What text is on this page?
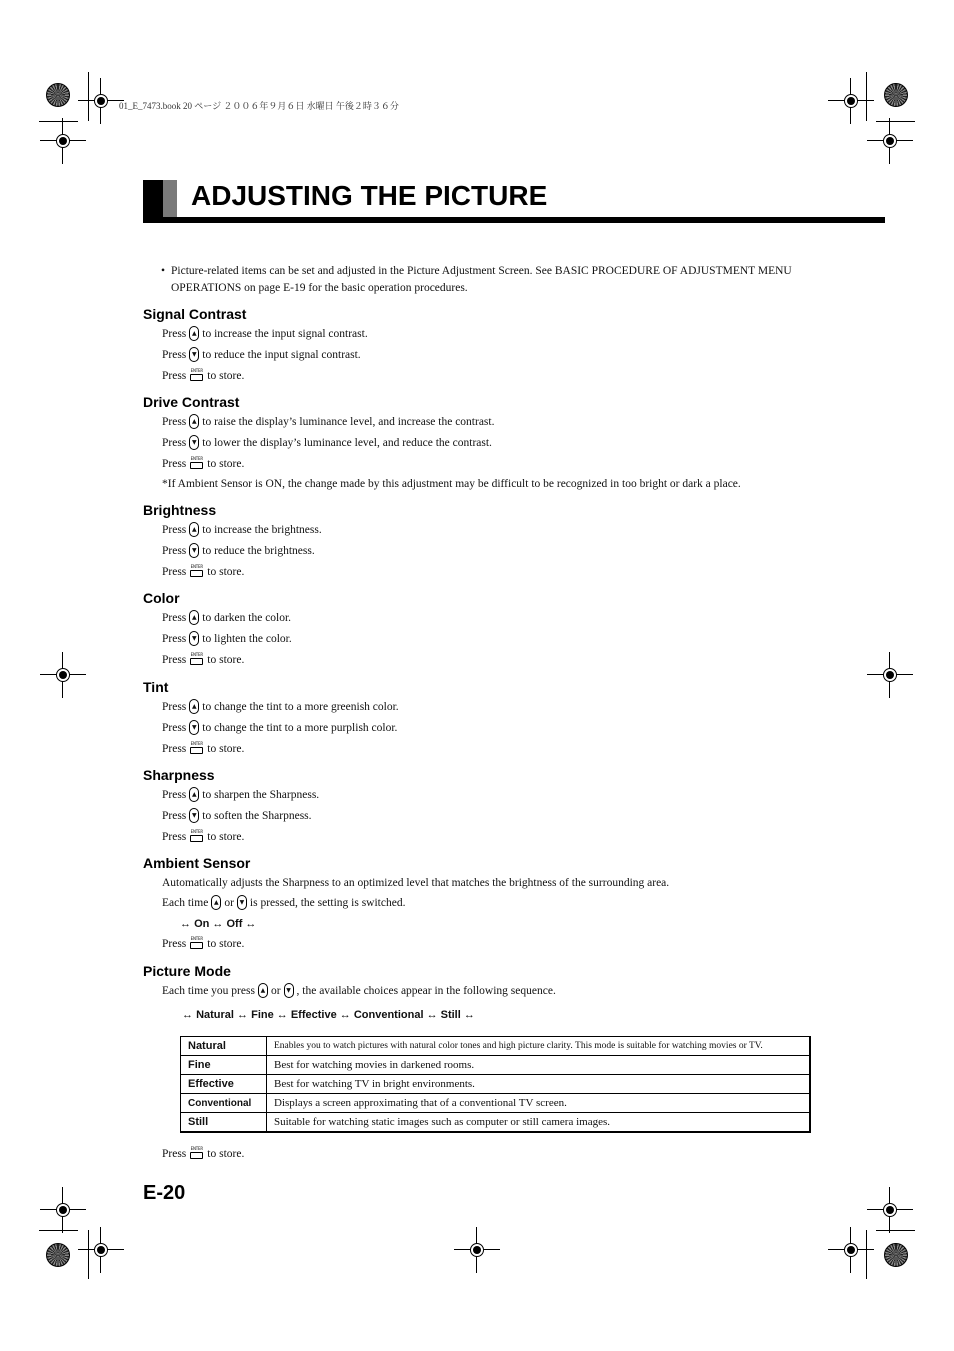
01_E_7473.book 20 ページ ２００６年９月６日 水曜日 午後２時３６分
ADJUSTING THE PICTURE
• Picture-related items can be set and adjusted in the Picture Adjustment Screen. See BASIC PROCEDURE OF ADJUSTMENT MENU OPERATIONS on page E-19 for the basic operation procedures.
Signal Contrast
Press ▲ to increase the input signal contrast.
Press ▼ to reduce the input signal contrast.
Press ENTER to store.
Drive Contrast
Press ▲ to raise the display’s luminance level, and increase the contrast.
Press ▼ to lower the display’s luminance level, and reduce the contrast.
Press ENTER to store.
*If Ambient Sensor is ON, the change made by this adjustment may be difficult to be recognized in too bright or dark a place.
Brightness
Press ▲ to increase the brightness.
Press ▼ to reduce the brightness.
Press ENTER to store.
Color
Press ▲ to darken the color.
Press ▼ to lighten the color.
Press ENTER to store.
Tint
Press ▲ to change the tint to a more greenish color.
Press ▼ to change the tint to a more purplish color.
Press ENTER to store.
Sharpness
Press ▲ to sharpen the Sharpness.
Press ▼ to soften the Sharpness.
Press ENTER to store.
Ambient Sensor
Automatically adjusts the Sharpness to an optimized level that matches the brightness of the surrounding area.
Each time ▲ or ▼ is pressed, the setting is switched.
↔ On ↔ Off ↔
Press ENTER to store.
Picture Mode
Each time you press ▲ or ▼ , the available choices appear in the following sequence.
↔ Natural ↔ Fine ↔ Effective ↔ Conventional ↔ Still ↔
Natural	Enables you to watch pictures with natural color tones and high picture clarity. This mode is suitable for watching movies or TV.
Fine	Best for watching movies in darkened rooms.
Effective	Best for watching TV in bright environments.
Conventional	Displays a screen approximating that of a conventional TV screen.
Still	Suitable for watching static images such as computer or still camera images.
Press ENTER to store.
E-20
